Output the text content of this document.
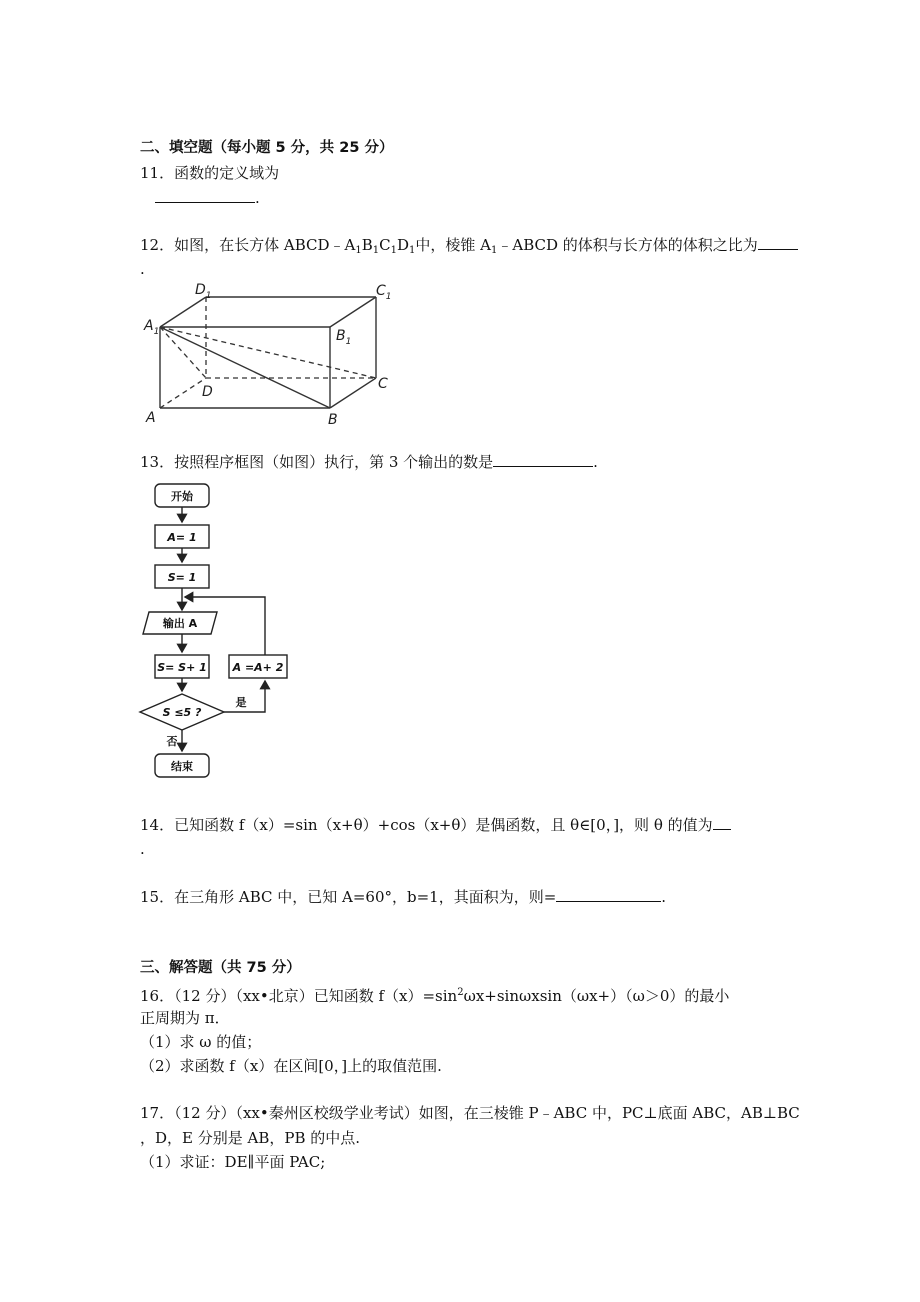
二、填空题（每小题 5 分，共 25 分）
11．函数的定义域为
.
12．如图，在长方体 $ABCD﹣A_1B_1C_1D_1$中，棱锥 $A_1﹣ABCD$ 的体积与长方体的体积之比为
.
$A_1$	$B_1$
$C_1$
$D_1$
A	B
C
D
13．按照程序框图（如图）执行，第 3 个输出的数是	.
开始
A= 1
S= 1
输出 A
S= S+ 1 A =A+ 2
S ≤5 ?
是
否
结束
14．已知函数 f（x）=sin（x+θ）+cos（x+θ）是偶函数，且 θ∈[0，]，则 θ 的值为
.
15．在三角形 ABC 中，已知 A=60°，b=1，其面积为，则=	.
三、解答题（共 75 分）
16．（12 分）（xx•北京）已知函数 $f(x)=\sin^2\omega x+\sin\omega xsin(\omega x+)(\omega>0)$的最小
正周期为 π．
（1）求 ω 的值；
（2）求函数 f（x）在区间[0，]上的取值范围.
17．（12 分）（xx•秦州区校级学业考试）如图，在三棱锥 P﹣ABC 中，PC⊥底面 ABC，AB⊥BC
，D，E 分别是 AB，PB 的中点.
（1）求证：DE∥平面 PAC;
